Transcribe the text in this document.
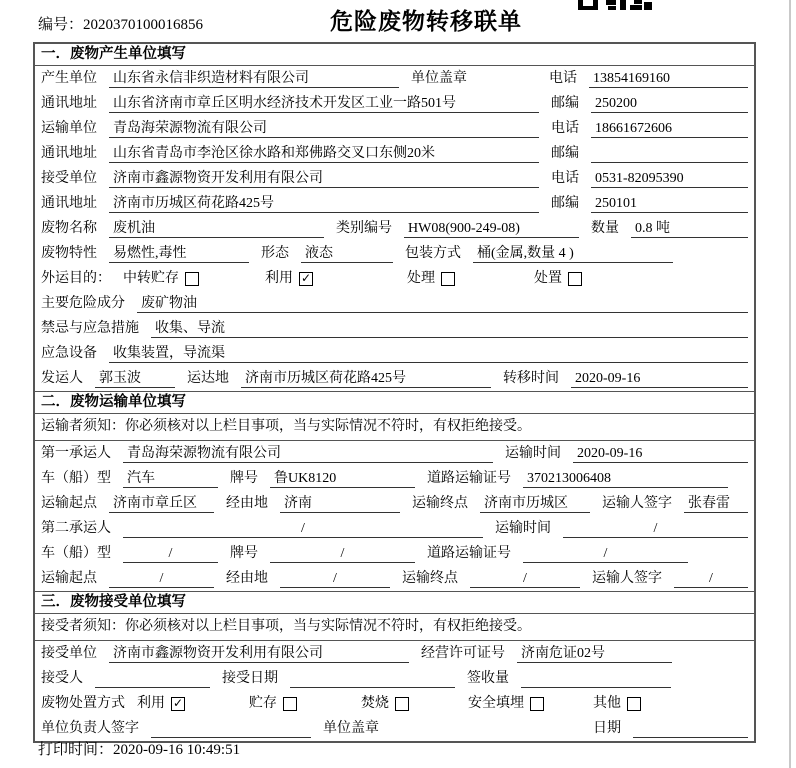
编号：2020370100016856	危险废物转移联单
一．废物产生单位填写
产生单位 山东省永信非织造材料有限公司	单位盖章	电话 13854169160
通讯地址 山东省济南市章丘区明水经济技术开发区工业一路501号	邮编 250200
运输单位 青岛海荣源物流有限公司	电话 18661672606
通讯地址 山东省青岛市李沧区徐水路和郑佛路交叉口东侧20米	邮编
接受单位 济南市鑫源物资开发利用有限公司	电话 0531-82095390
通讯地址 济南市历城区荷花路425号	邮编 250101
废物名称 废机油	类别编号 HW08(900-249-08)	数量 0.8 吨
废物特性 易燃性,毒性	形态 液态	包装方式 桶(金属,数量 4 )
外运目的： 中转贮存	利用 ✓	处理	处置
主要危险成分 废矿物油
禁忌与应急措施 收集、导流
应急设备 收集装置，导流渠
发运人 郭玉波	运达地 济南市历城区荷花路425号	转移时间 2020-09-16
二．废物运输单位填写
运输者须知：你必须核对以上栏目事项，当与实际情况不符时，有权拒绝接受。
第一承运人 青岛海荣源物流有限公司	运输时间 2020-09-16
车（船）型 汽车	牌号 鲁UK8120	道路运输证号 370213006408
运输起点 济南市章丘区	经由地 济南	运输终点 济南市历城区	运输人签字 张春雷
第二承运人	/	运输时间	/
车（船）型	/	牌号	/	道路运输证号	/
运输起点	/	经由地	/	运输终点	/	运输人签字	/
三．废物接受单位填写
接受者须知：你必须核对以上栏目事项，当与实际情况不符时，有权拒绝接受。
接受单位 济南市鑫源物资开发利用有限公司	经营许可证号 济南危证02号
接受人	接受日期	签收量
废物处置方式 利用 ✓	贮存	焚烧	安全填埋	其他
单位负责人签字	单位盖章	日期
打印时间：2020-09-16 10:49:51
